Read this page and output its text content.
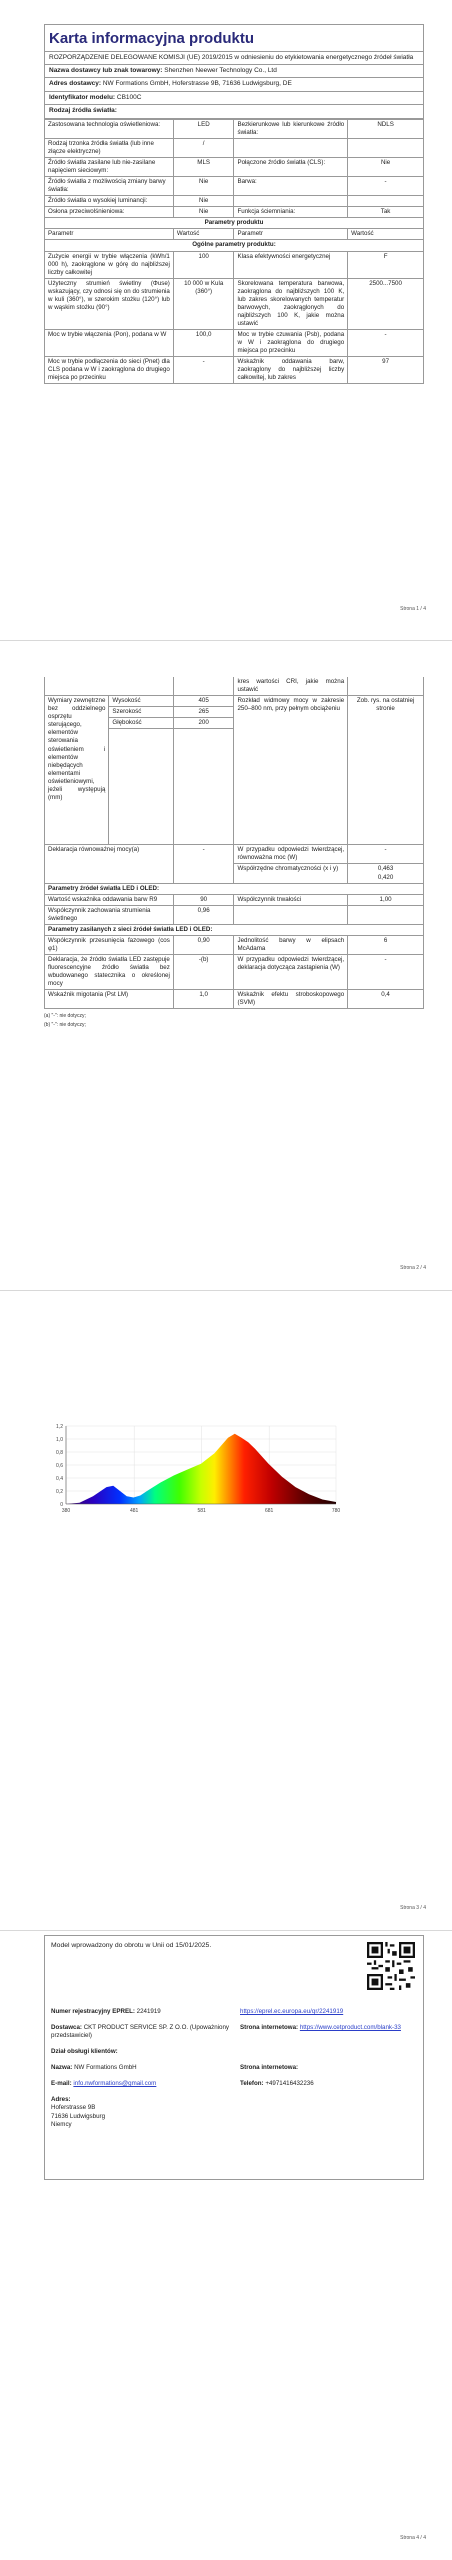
Karta informacyjna produktu
ROZPORZĄDZENIE DELEGOWANE KOMISJI (UE) 2019/2015 w odniesieniu do etykietowania energetycznego źródeł światła
Nazwa dostawcy lub znak towarowy: Shenzhen Neewer Technology Co., Ltd
Adres dostawcy: NW Formations GmbH, Hoferstrasse 9B, 71636 Ludwigsburg, DE
Identyfikator modelu: CB100C
Rodzaj źródła światła:
Zastosowana technologia oświetleniowa:	LED	Bezkierunkowe lub kierunkowe źródło światła:	NDLS
Rodzaj trzonka źródła światła (lub inne złącze elektryczne)	/		
Źródło światła zasilane lub nie-zasilane napięciem sieciowym:	MLS	Połączone źródło światła (CLS):	Nie
Źródło światła z możliwością zmiany barwy światła:	Nie	Barwa:	-
Źródło światła o wysokiej luminancji:	Nie		
Osłona przeciwolśnieniowa:	Nie	Funkcja ściemniania:	Tak
Parametry produktu			
Parametr	Wartość	Parametr	Wartość
Ogólne parametry produktu:			
Zużycie energii w trybie włączenia (kWh/1 000 h), zaokrąglone w górę do najbliższej liczby całkowitej	100	Klasa efektywności energetycznej	F
Użyteczny strumień świetlny (Φuse) wskazujący, czy odnosi się on do strumienia w kuli (360°), w szerokim stożku (120°) lub w wąskim stożku (90°)	10 000 w Kula (360°)	Skorelowana temperatura barwowa, zaokrąglona do najbliższych 100 K, lub zakres skorelowanych temperatur barwowych, zaokrąglonych do najbliższych 100 K, jakie można ustawić	2500...7500
Moc w trybie włączenia (Pon), podana w W	100,0	Moc w trybie czuwania (Psb), podana w W i zaokrąglona do drugiego miejsca po przecinku	-
Moc w trybie podłączenia do sieci (Pnet) dla CLS podana w W i zaokrąglona do drugiego miejsca po przecinku	-	Wskaźnik oddawania barw, zaokrąglony do najbliższej liczby całkowitej, lub zakres	97
Strona 1 / 4
			kres wartości CRI, jakie można ustawić	
Wymiary zewnętrzne bez oddzielnego osprzętu sterującego, elementów sterowania oświetleniem i elementów niebędących elementami oświetleniowymi, jeżeli występują (mm)	Wysokość	405	Rozkład widmowy mocy w zakresie 250–800 nm, przy pełnym obciążeniu	Zob. rys. na ostatniej stronie
	Szerokość	265		
	Głębokość	200		

Deklaracja równoważnej mocy(a)		-	W przypadku odpowiedzi twierdzącej, równoważna moc (W)	-
			Współrzędne chromatyczności (x i y)	0,463
0,420
Parametry źródeł światła LED i OLED:				
Wartość wskaźnika oddawania barw R9		90	Współczynnik trwałości	1,00
Współczynnik zachowania strumienia świetlnego		0,96		
Parametry zasilanych z sieci źródeł światła LED i OLED:				
Współczynnik przesunięcia fazowego (cos φ1)		0,90	Jednolitość barwy w elipsach McAdama	6
Deklaracja, że źródło światła LED zastępuje fluorescencyjne źródło światła bez wbudowanego statecznika o określonej mocy		-(b)	W przypadku odpowiedzi twierdzącej, deklaracja dotycząca zastąpienia (W)	-
Wskaźnik migotania (Pst LM)		1,0	Wskaźnik efektu stroboskopowego (SVM)	0,4
(a) "-": nie dotyczy;
(b) "-": nie dotyczy;
Strona 2 / 4
380	481	581	681	780
0
0,2
0,4
0,6
0,8
1,0
1,2
Strona 3 / 4
Model wprowadzony do obrotu w Unii od 15/01/2025.
Numer rejestracyjny EPREL: 2241919	https://eprel.ec.europa.eu/qr/2241919
Dostawca: CKT PRODUCT SERVICE SP. Z O.O. (Upoważniony przedstawiciel)	Strona internetowa: https://www.cetproduct.com/blank-33
Dział obsługi klientów:	
Nazwa: NW Formations GmbH	Strona internetowa:
E-mail: info.nwformations@gmail.com	Telefon: +4971416432236

Adres:
Hoferstrasse 9B
71636 Ludwigsburg
Niemcy	
Strona 4 / 4
